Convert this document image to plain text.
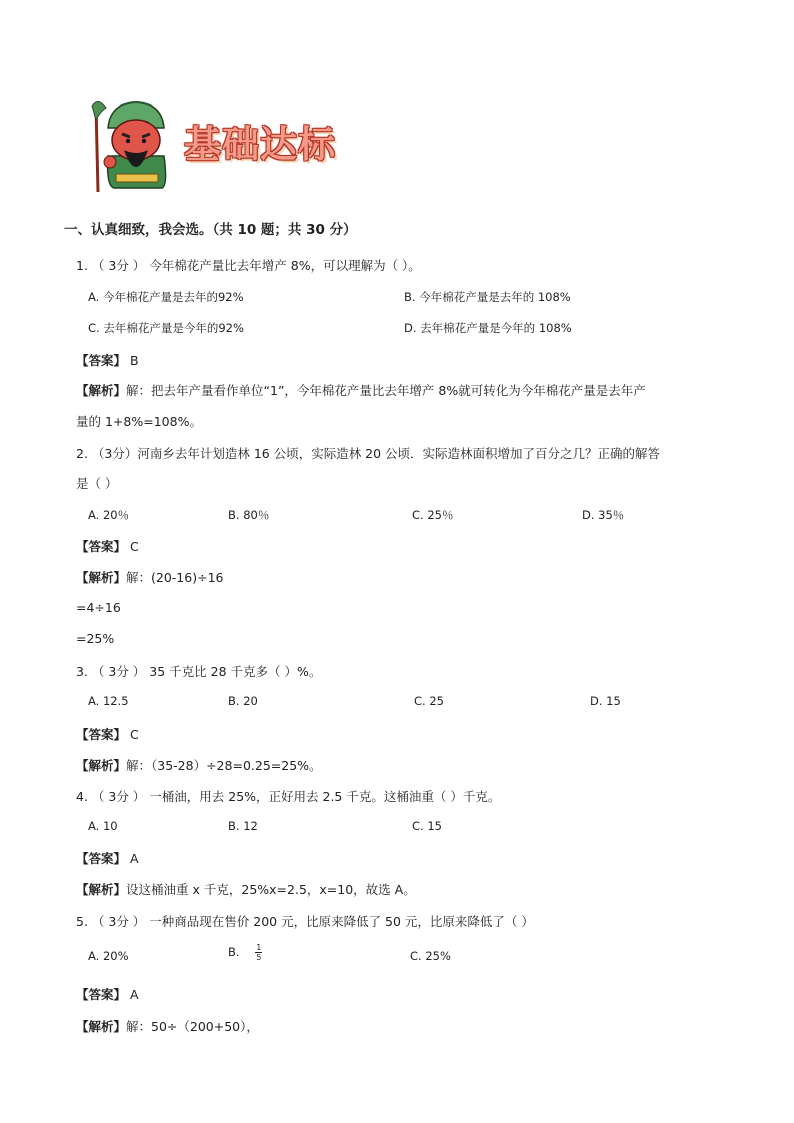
基础达标
一、认真细致，我会选。（共 10 题；共 30 分）
1. （ 3分 ） 今年棉花产量比去年增产 8%，可以理解为（ ）。
A. 今年棉花产量是去年的92%	B. 今年棉花产量是去年的 108%
C. 去年棉花产量是今年的92%	D. 去年棉花产量是今年的 108%
【答案】 B
【解析】解：把去年产量看作单位“1”，今年棉花产量比去年增产 8%就可转化为今年棉花产量是去年产
量的 1+8%=108%。
2. （3分）河南乡去年计划造林 16 公顷，实际造林 20 公顷．实际造林面积增加了百分之几？正确的解答
是（ ）
A. 20％	B. 80％	C. 25％	D. 35％
【答案】 C
【解析】解：(20-16)÷16
=4÷16
=25%
3. （ 3分 ） 35 千克比 28 千克多（ ）%。
A. 12.5	B. 20	C. 25	D. 15
【答案】 C
【解析】解：（35-28）÷28=0.25=25%。
4. （ 3分 ） 一桶油，用去 25%，正好用去 2.5 千克。这桶油重（ ）千克。
A. 10	B. 12	C. 15
【答案】 A
【解析】设这桶油重 x 千克，25%x=2.5，x=10，故选 A。
5. （ 3分 ） 一种商品现在售价 200 元，比原来降低了 50 元，比原来降低了（ ）
A. 20%	B. $\frac{1}{5}$	C. 25%
【答案】 A
【解析】解：50÷（200+50），
